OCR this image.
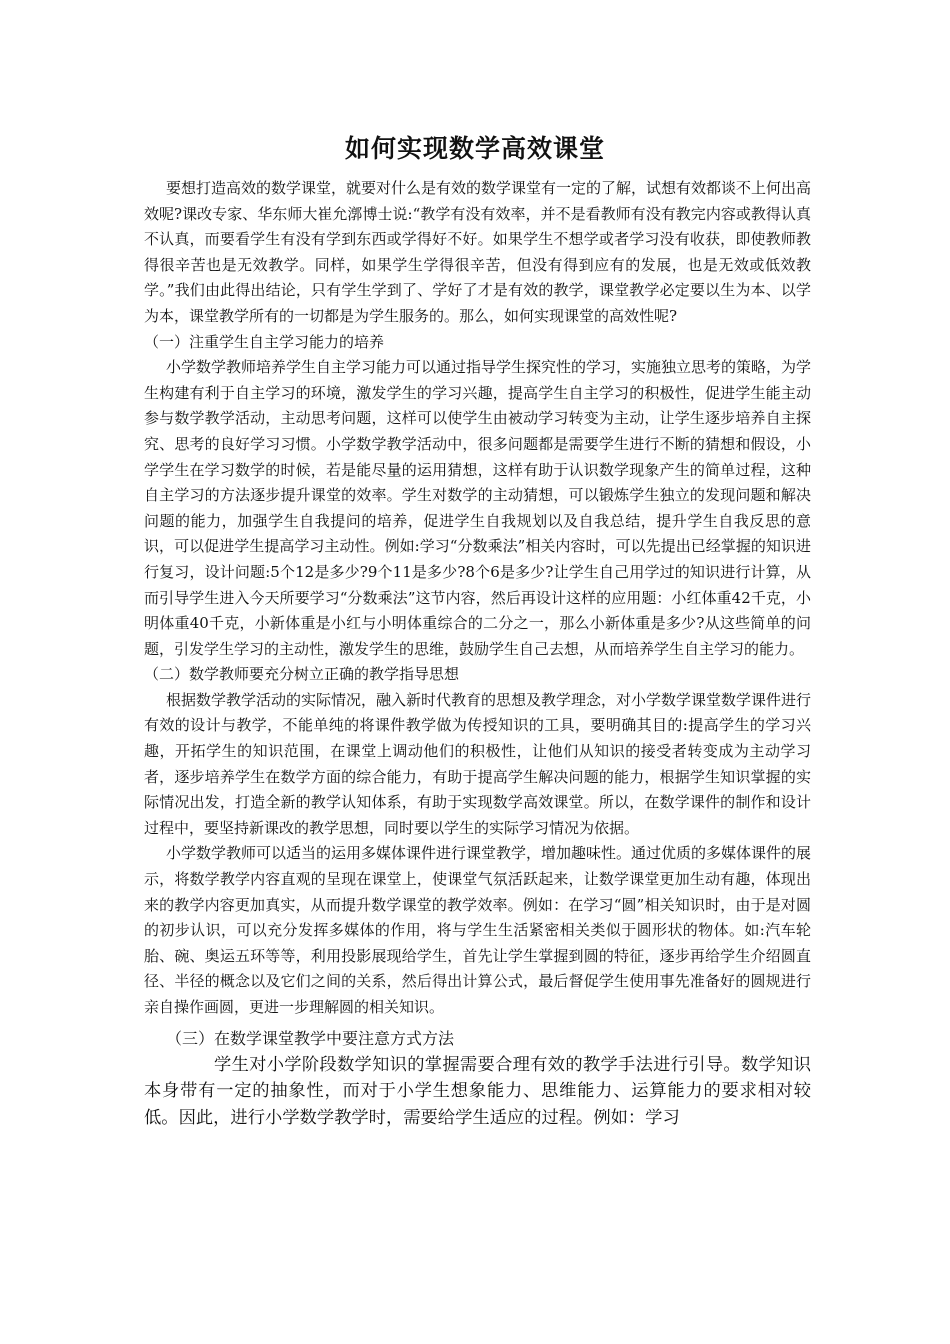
如何实现数学高效课堂

要想打造高效的数学课堂，就要对什么是有效的数学课堂有一定的了解，试想有效都谈不上何出高效呢?课改专家、华东师大崔允漷博士说:“教学有没有效率，并不是看教师有没有教完内容或教得认真不认真，而要看学生有没有学到东西或学得好不好。如果学生不想学或者学习没有收获，即使教师教得很辛苦也是无效教学。同样，如果学生学得很辛苦，但没有得到应有的发展，也是无效或低效教学。”我们由此得出结论，只有学生学到了、学好了才是有效的教学，课堂教学必定要以生为本、以学为本，课堂教学所有的一切都是为学生服务的。那么，如何实现课堂的高效性呢?

（一）注重学生自主学习能力的培养

小学数学教师培养学生自主学习能力可以通过指导学生探究性的学习，实施独立思考的策略，为学生构建有利于自主学习的环境，激发学生的学习兴趣，提高学生自主学习的积极性，促进学生能主动参与数学教学活动，主动思考问题，这样可以使学生由被动学习转变为主动，让学生逐步培养自主探究、思考的良好学习习惯。小学数学教学活动中，很多问题都是需要学生进行不断的猜想和假设，小学学生在学习数学的时候，若是能尽量的运用猜想，这样有助于认识数学现象产生的简单过程，这种自主学习的方法逐步提升课堂的效率。学生对数学的主动猜想，可以锻炼学生独立的发现问题和解决问题的能力，加强学生自我提问的培养，促进学生自我规划以及自我总结，提升学生自我反思的意识，可以促进学生提高学习主动性。例如:学习“分数乘法”相关内容时，可以先提出已经掌握的知识进行复习，设计问题:5个12是多少?9个11是多少?8个6是多少?让学生自己用学过的知识进行计算，从而引导学生进入今天所要学习“分数乘法”这节内容，然后再设计这样的应用题：小红体重42千克，小明体重40千克，小新体重是小红与小明体重综合的二分之一，那么小新体重是多少?从这些简单的问题，引发学生学习的主动性，激发学生的思维，鼓励学生自己去想，从而培养学生自主学习的能力。

（二）数学教师要充分树立正确的教学指导思想

根据数学教学活动的实际情况，融入新时代教育的思想及教学理念，对小学数学课堂数学课件进行有效的设计与教学，不能单纯的将课件教学做为传授知识的工具，要明确其目的:提高学生的学习兴趣，开拓学生的知识范围，在课堂上调动他们的积极性，让他们从知识的接受者转变成为主动学习者，逐步培养学生在数学方面的综合能力，有助于提高学生解决问题的能力，根据学生知识掌握的实际情况出发，打造全新的教学认知体系，有助于实现数学高效课堂。所以，在数学课件的制作和设计过程中，要坚持新课改的教学思想，同时要以学生的实际学习情况为依据。

小学数学教师可以适当的运用多媒体课件进行课堂教学，增加趣味性。通过优质的多媒体课件的展示，将数学教学内容直观的呈现在课堂上，使课堂气氛活跃起来，让数学课堂更加生动有趣，体现出来的教学内容更加真实，从而提升数学课堂的教学效率。例如：在学习“圆”相关知识时，由于是对圆的初步认识，可以充分发挥多媒体的作用，将与学生生活紧密相关类似于圆形状的物体。如:汽车轮胎、碗、奥运五环等等，利用投影展现给学生，首先让学生掌握到圆的特征，逐步再给学生介绍圆直径、半径的概念以及它们之间的关系，然后得出计算公式，最后督促学生使用事先准备好的圆规进行亲自操作画圆，更进一步理解圆的相关知识。

（三）在数学课堂教学中要注意方式方法

学生对小学阶段数学知识的掌握需要合理有效的教学手法进行引导。数学知识本身带有一定的抽象性，而对于小学生想象能力、思维能力、运算能力的要求相对较低。因此，进行小学数学教学时，需要给学生适应的过程。例如：学习
